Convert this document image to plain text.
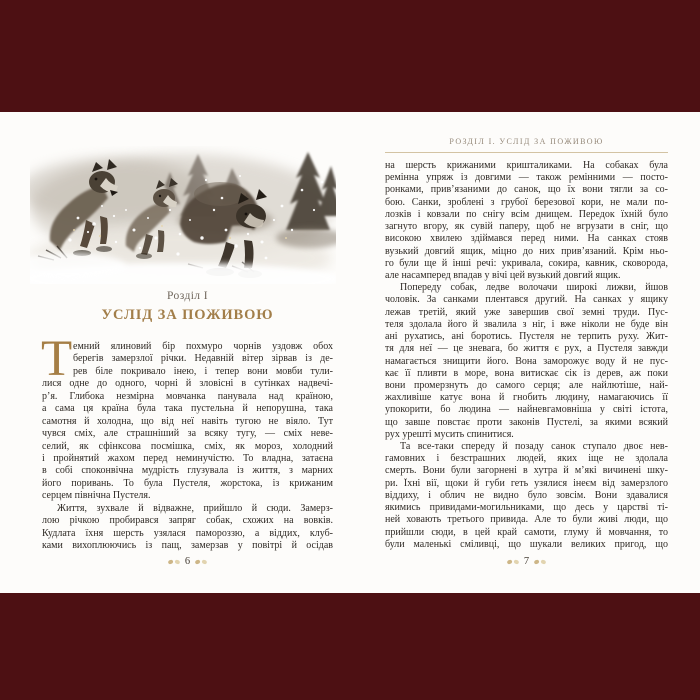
Розділ I
УСЛІД ЗА ПОЖИВОЮ
Т емний ялиновий бір похмуро чорнів уздовж обох
берегів замерзлої річки. Недавній вітер зірвав із де-
рев біле покривало інею, і тепер вони мовби тули-
лися одне до одного, чорні й зловісні в сутінках надвечі-
р’я. Глибока незмірна мовчанка панувала над країною,
а сама ця країна була така пустельна й непорушна, така
самотня й холодна, що від неї навіть тугою не віяло. Тут
чувся сміх, але страшніший за всяку тугу, — сміх неве-
селий, як сфінксова посмішка, сміх, як мороз, холодний
і пройнятий жахом перед неминучістю. То владна, затаєна
в собі споконвічна мудрість глузувала із життя, з марних
його поривань. То була Пустеля, жорстока, із крижаним
серцем північна Пустеля.
Життя, зухвале й відважне, прийшло й сюди. Замерз-
лою річкою пробирався запряг собак, схожих на вовків.
Кудлата їхня шерсть узялася памороззю, а віддих, клуб-
ками вихоплюючись із пащ, замерзав у повітрі й осідав
РОЗДІЛ І. УСЛІД ЗА ПОЖИВОЮ
на шерсть крижаними кришталиками. На собаках була
ремінна упряж із довгими — також ремінними — посто-
ронками, прив’язаними до санок, що їх вони тягли за со-
бою. Санки, зроблені з грубої березової кори, не мали по-
лозків і ковзали по снігу всім днищем. Передок їхній було
загнуто вгору, як сувій паперу, щоб не вгрузати в сніг, що
високою хвилею здіймався перед ними. На санках стояв
вузький довгий ящик, міцно до них прив’язаний. Крім ньо-
го були ще й інші речі: укривала, сокира, кавник, сковорода,
але насамперед впадав у вічі цей вузький довгий ящик.
Попереду собак, ледве волочачи широкі лижви, йшов
чоловік. За санками плентався другий. На санках у ящику
лежав третій, який уже завершив свої земні труди. Пус-
теля здолала його й звалила з ніг, і вже ніколи не буде він
ані рухатись, ані боротись. Пустеля не терпить руху. Жит-
тя для неї — це зневага, бо життя є рух, а Пустеля завжди
намагається знищити його. Вона заморожує воду й не пус-
кає її пливти в море, вона витискає сік із дерев, аж поки
вони промерзнуть до самого серця; але найлютіше, най-
жахливіше катує вона й гнобить людину, намагаючись її
упокорити, бо людина — найневгамовніша у світі істота,
що завше повстає проти законів Пустелі, за якими всякий
рух урешті мусить спинитися.
Та все-таки спереду й позаду санок ступало двоє нев-
гамовних і безстрашних людей, яких іще не здолала
смерть. Вони були загорнені в хутра й м’які вичинені шку-
ри. Їхні вії, щоки й губи геть узялися інеєм від замерзлого
віддиху, і облич не видно було зовсім. Вони здавалися
якимись привидами-могильниками, що десь у царстві ті-
ней ховають третього привида. Але то були живі люди, що
прийшли сюди, в цей край самоти, глуму й мовчання, то
були маленькі сміливці, що шукали великих пригод, що
6	7
